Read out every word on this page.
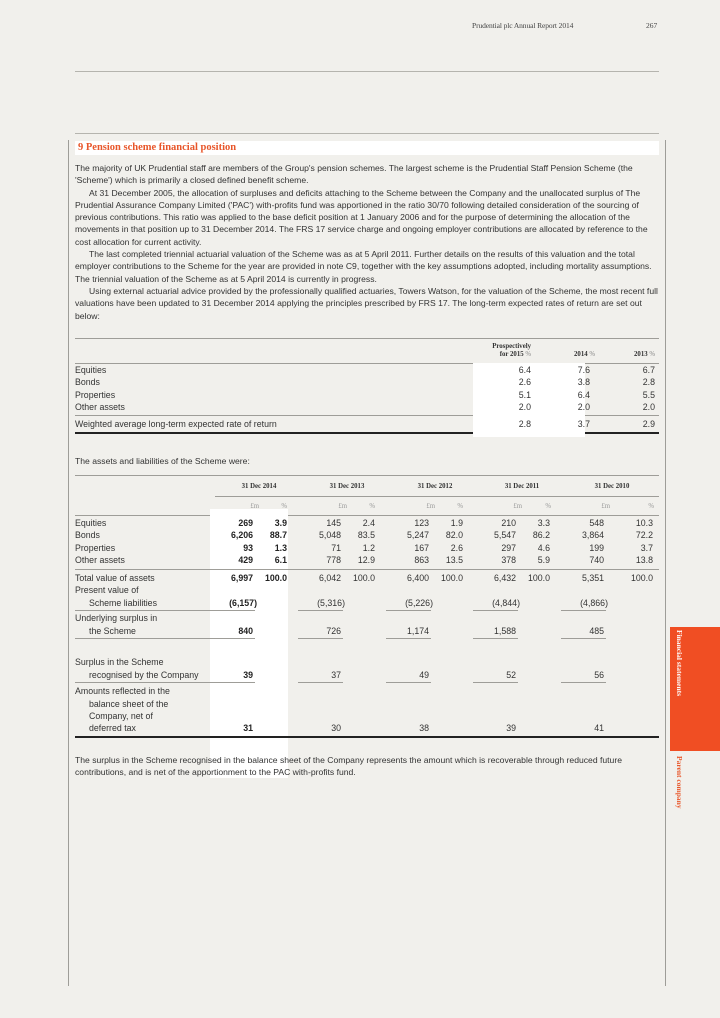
Prudential plc Annual Report 2014	267
9 Pension scheme financial position

The majority of UK Prudential staff are members of the Group's pension schemes. The largest scheme is the Prudential Staff Pension Scheme (the 'Scheme') which is primarily a closed defined benefit scheme.

At 31 December 2005, the allocation of surpluses and deficits attaching to the Scheme between the Company and the unallocated surplus of The Prudential Assurance Company Limited ('PAC') with-profits fund was apportioned in the ratio 30/70 following detailed consideration of the sourcing of previous contributions. This ratio was applied to the base deficit position at 1 January 2006 and for the purpose of determining the allocation of the movements in that position up to 31 December 2014. The FRS 17 service charge and ongoing employer contributions are allocated by reference to the cost allocation for current activity.

The last completed triennial actuarial valuation of the Scheme was as at 5 April 2011. Further details on the results of this valuation and the total employer contributions to the Scheme for the year are provided in note C9, together with the key assumptions adopted, including mortality assumptions. The triennial valuation of the Scheme as at 5 April 2014 is currently in progress.

Using external actuarial advice provided by the professionally qualified actuaries, Towers Watson, for the valuation of the Scheme, the most recent full valuations have been updated to 31 December 2014 applying the principles prescribed by FRS 17. The long-term expected rates of return are set out below:

Prospectively
for 2015 %	2014 %	2013 %
Equities	6.4	7.6	6.7
Bonds	2.6	3.8	2.8
Properties	5.1	6.4	5.5
Other assets	2.0	2.0	2.0
Weighted average long-term expected rate of return	2.8	3.7	2.9
The assets and liabilities of the Scheme were:
31 Dec 2014	31 Dec 2013	31 Dec 2012	31 Dec 2011	31 Dec 2010
£m	%	£m	%	£m	%	£m	%	£m	%
Equities	269	3.9	145	2.4	123	1.9	210	3.3	548	10.3
Bonds	6,206	88.7	5,048	83.5	5,247	82.0	5,547	86.2	3,864	72.2
Properties	93	1.3	71	1.2	167	2.6	297	4.6	199	3.7
Other assets	429	6.1	778	12.9	863	13.5	378	5.9	740	13.8
Total value of assets	6,997	100.0	6,042	100.0	6,400	100.0	6,432	100.0	5,351	100.0
Present value of
Scheme liabilities	(6,157)	(5,316)	(5,226)	(4,844)	(4,866)
Underlying surplus in
the Scheme	840	726	1,174	1,588	485
Surplus in the Scheme
recognised by the Company	39	37	49	52	56
Amounts reflected in the
balance sheet of the
Company, net of
deferred tax	31	30	38	39	41
The surplus in the Scheme recognised in the balance sheet of the Company represents the amount which is recoverable through reduced future contributions, and is net of the apportionment to the PAC with-profits fund.
Financial statements
Parent company
